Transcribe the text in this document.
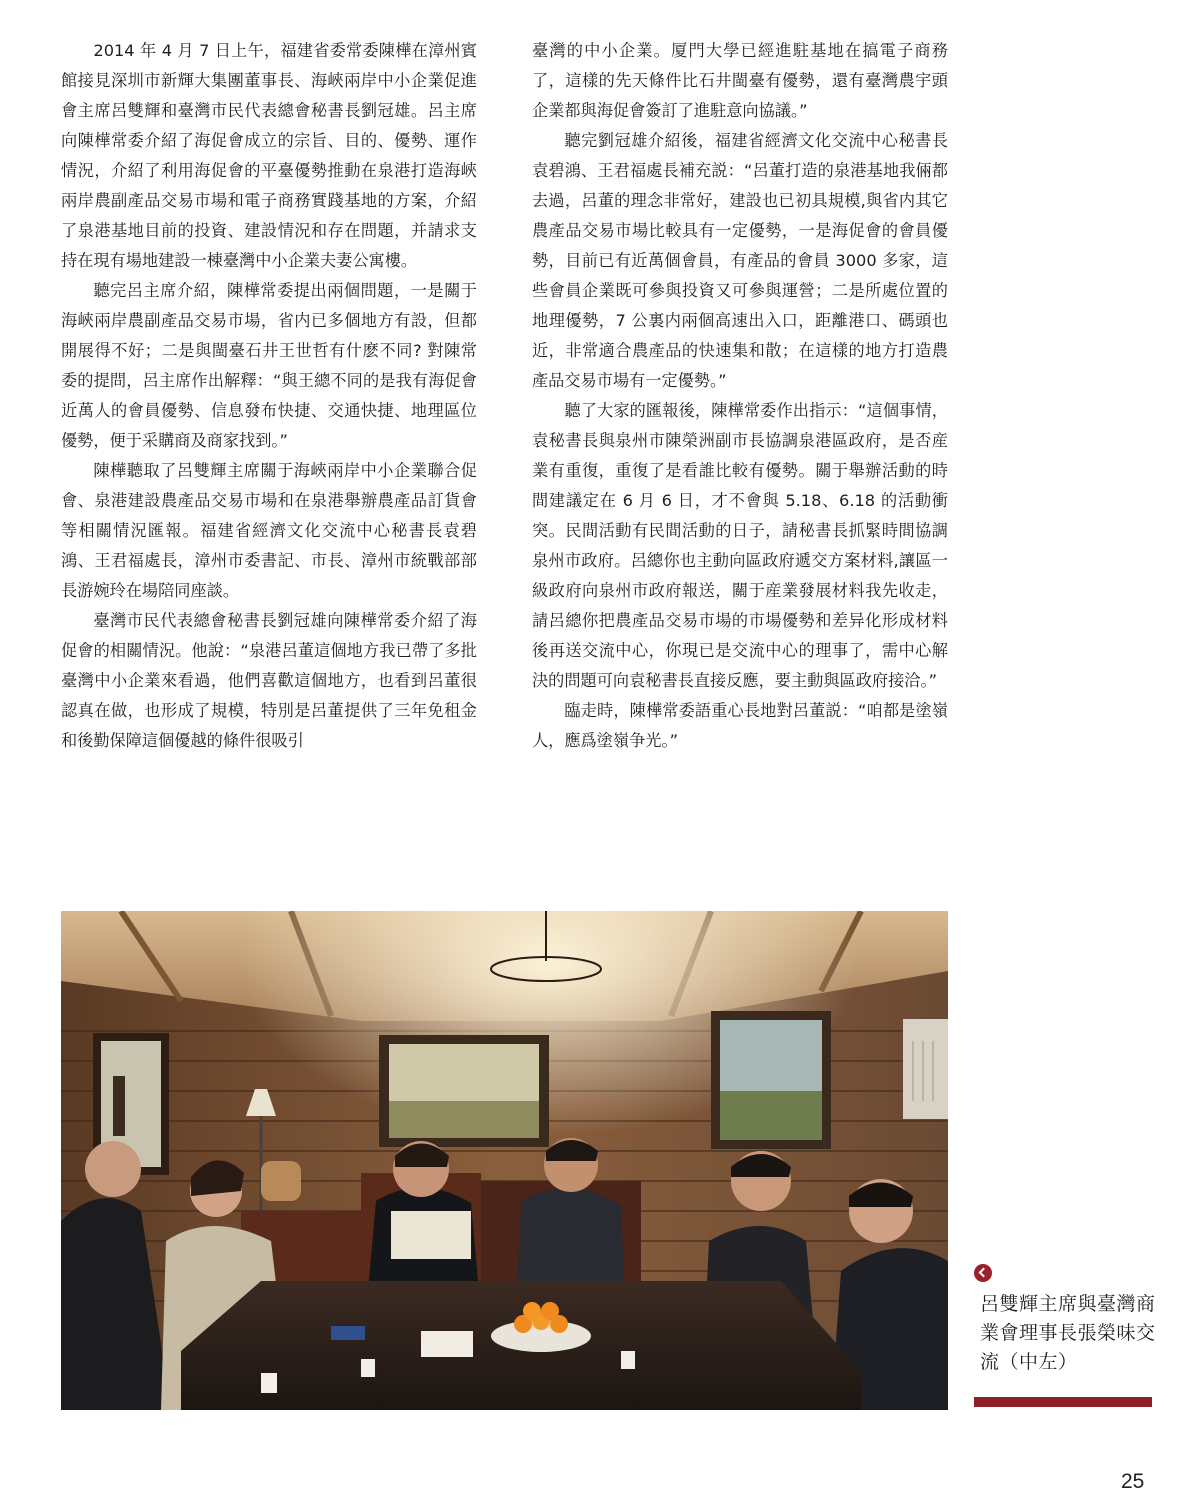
2014 年 4 月 7 日上午，福建省委常委陳樺在漳州賓館接見深圳市新輝大集團董事長、海峽兩岸中小企業促進會主席呂雙輝和臺灣市民代表總會秘書長劉冠雄。呂主席向陳樺常委介紹了海促會成立的宗旨、目的、優勢、運作情況，介紹了利用海促會的平臺優勢推動在泉港打造海峽兩岸農副產品交易市場和電子商務實踐基地的方案，介紹了泉港基地目前的投資、建設情況和存在問題，并請求支持在現有場地建設一棟臺灣中小企業夫妻公寓樓。

聽完呂主席介紹，陳樺常委提出兩個問題，一是關于海峽兩岸農副產品交易市場，省内已多個地方有設，但都開展得不好；二是與閩臺石井王世哲有什麽不同? 對陳常委的提問，呂主席作出解釋：“與王總不同的是我有海促會近萬人的會員優勢、信息發布快捷、交通快捷、地理區位優勢，便于采購商及商家找到。”

陳樺聽取了呂雙輝主席關于海峽兩岸中小企業聯合促會、泉港建設農產品交易市場和在泉港舉辦農產品訂貨會等相關情況匯報。福建省經濟文化交流中心秘書長袁碧鴻、王君福處長，漳州市委書記、市長、漳州市統戰部部長游婉玲在場陪同座談。

臺灣市民代表總會秘書長劉冠雄向陳樺常委介紹了海促會的相關情況。他說：“泉港呂董這個地方我已帶了多批臺灣中小企業來看過，他們喜歡這個地方，也看到呂董很認真在做，也形成了規模，特別是呂董提供了三年免租金和後勤保障這個優越的條件很吸引

臺灣的中小企業。厦門大學已經進駐基地在搞電子商務了，這樣的先天條件比石井閩臺有優勢，還有臺灣農宇頭企業都與海促會簽訂了進駐意向協議。”

聽完劉冠雄介紹後，福建省經濟文化交流中心秘書長袁碧鴻、王君福處長補充説：“呂董打造的泉港基地我倆都去過，呂董的理念非常好，建設也已初具規模,與省内其它農產品交易市場比較具有一定優勢，一是海促會的會員優勢，目前已有近萬個會員，有產品的會員 3000 多家，這些會員企業既可參與投資又可參與運營；二是所處位置的地理優勢，7 公裏内兩個高速出入口，距離港口、碼頭也近，非常適合農產品的快速集和散；在這樣的地方打造農產品交易市場有一定優勢。”

聽了大家的匯報後，陳樺常委作出指示：“這個事情，袁秘書長與泉州市陳榮洲副市長協調泉港區政府，是否産業有重復，重復了是看誰比較有優勢。關于舉辦活動的時間建議定在 6 月 6 日，才不會與 5.18、6.18 的活動衝突。民間活動有民間活動的日子，請秘書長抓緊時間協調泉州市政府。呂總你也主動向區政府遞交方案材料,讓區一級政府向泉州市政府報送，關于産業發展材料我先收走，請呂總你把農產品交易市場的市場優勢和差异化形成材料後再送交流中心，你現已是交流中心的理事了，需中心解決的問題可向袁秘書長直接反應，要主動與區政府接洽。”

臨走時，陳樺常委語重心長地對呂董説：“咱都是塗嶺人，應爲塗嶺争光。”

呂雙輝主席與臺灣商業會理事長張榮味交流（中左）
25
